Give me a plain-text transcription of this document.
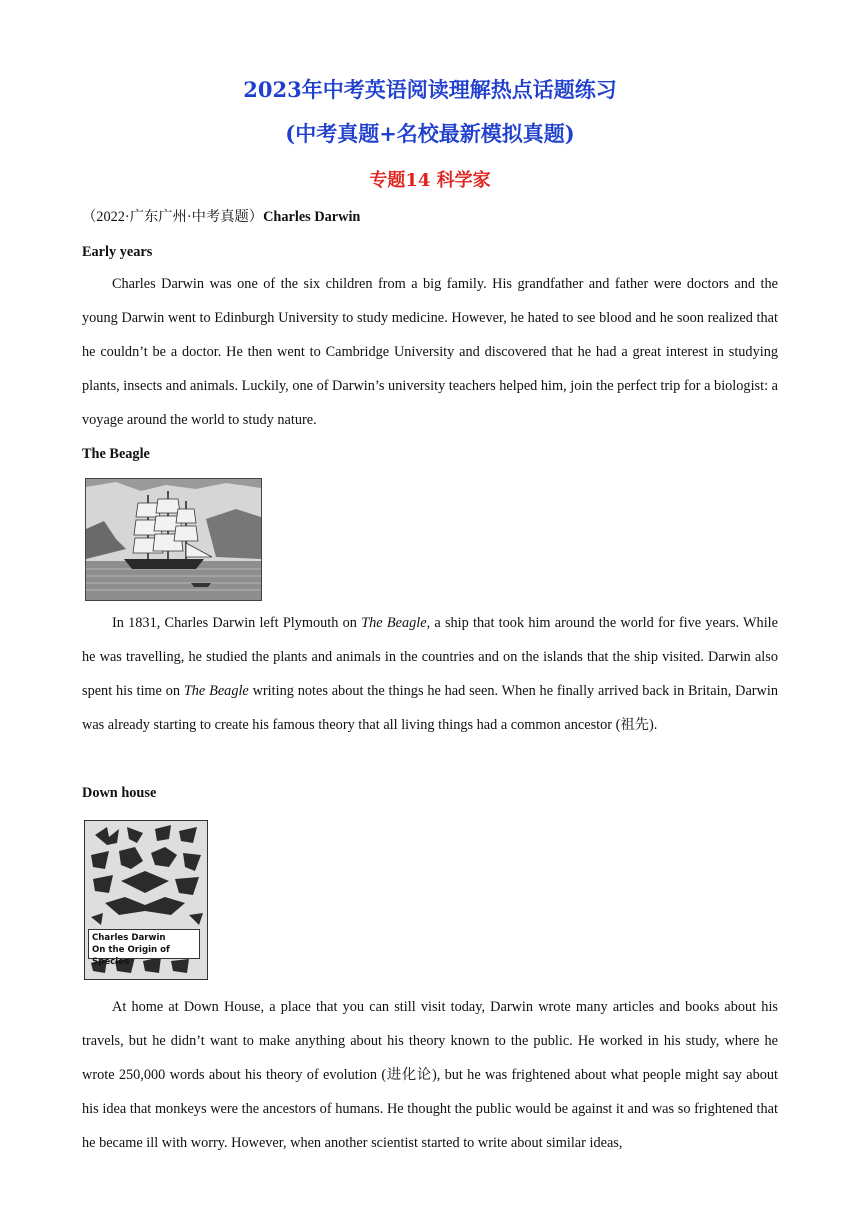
2023年中考英语阅读理解热点话题练习
(中考真题+名校最新模拟真题)
专题14 科学家
（2022·广东广州·中考真题）Charles Darwin
Early years
Charles Darwin was one of the six children from a big family. His grandfather and father were doctors and the young Darwin went to Edinburgh University to study medicine. However, he hated to see blood and he soon realized that he couldn’t be a doctor. He then went to Cambridge University and discovered that he had a great interest in studying plants, insects and animals. Luckily, one of Darwin’s university teachers helped him, join the perfect trip for a biologist: a voyage around the world to study nature.
The Beagle
In 1831, Charles Darwin left Plymouth on The Beagle, a ship that took him around the world for five years. While he was travelling, he studied the plants and animals in the countries and on the islands that the ship visited. Darwin also spent his time on The Beagle writing notes about the things he had seen. When he finally arrived back in Britain, Darwin was already starting to create his famous theory that all living things had a common ancestor (祖先).
Down house
Charles Darwin
On the Origin of Species
At home at Down House, a place that you can still visit today, Darwin wrote many articles and books about his travels, but he didn’t want to make anything about his theory known to the public. He worked in his study, where he wrote 250,000 words about his theory of evolution (进化论), but he was frightened about what people might say about his idea that monkeys were the ancestors of humans. He thought the public would be against it and was so frightened that he became ill with worry. However, when another scientist started to write about similar ideas,
